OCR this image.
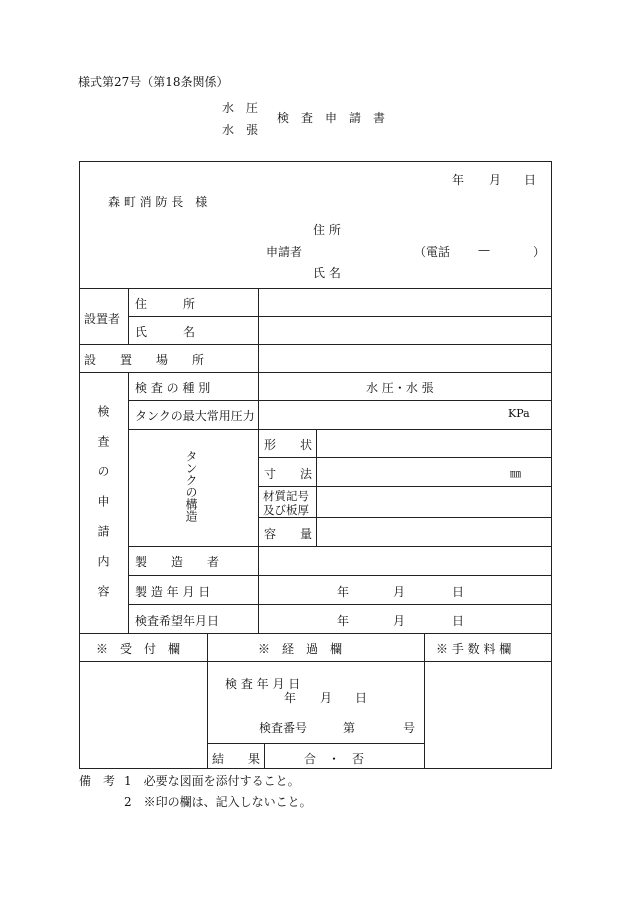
様式第27号（第18条関係）
水　圧
水　張
検　査　申　請　書
年 月 日
森 町 消 防 長　様
住 所
申請者	（電話 —	）
氏 名
設置者
住　　　所
氏　　　名
設　　置　　場　　所
検査の申請内容
検 査 の 種 別	水 圧・水 張
タンクの最大常用圧力	KPa
タンクの構造
形　　状
寸　　法	㎜
材質記号
及び板厚
容　　量
製　　造　　者
製 造 年 月 日	年	月	日
検査希望年月日	年	月	日
※　受　付　欄	※　経　過　欄	※ 手 数 料 欄
検 査 年 月 日
年 月 日
検査番号　　　第　　　　号
結　　果	合　・　否
備　考 1　必要な図面を添付すること。
2　※印の欄は、記入しないこと。
